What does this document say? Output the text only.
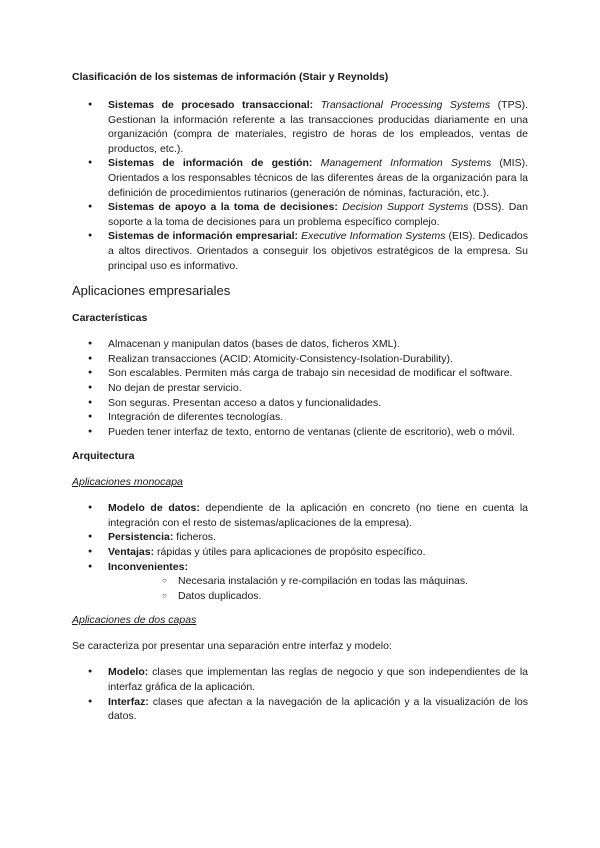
Clasificación de los sistemas de información (Stair y Reynolds)
● Sistemas de procesado transaccional: Transactional Processing Systems (TPS). Gestionan la información referente a las transacciones producidas diariamente en una organización (compra de materiales, registro de horas de los empleados, ventas de productos, etc.).
● Sistemas de información de gestión: Management Information Systems (MIS). Orientados a los responsables técnicos de las diferentes áreas de la organización para la definición de procedimientos rutinarios (generación de nóminas, facturación, etc.).
● Sistemas de apoyo a la toma de decisiones: Decision Support Systems (DSS). Dan soporte a la toma de decisiones para un problema específico complejo.
● Sistemas de información empresarial: Executive Information Systems (EIS). Dedicados a altos directivos. Orientados a conseguir los objetivos estratégicos de la empresa. Su principal uso es informativo.
Aplicaciones empresariales
Características
● Almacenan y manipulan datos (bases de datos, ficheros XML).
● Realizan transacciones (ACID: Atomicity-Consistency-Isolation-Durability).
● Son escalables. Permiten más carga de trabajo sin necesidad de modificar el software.
● No dejan de prestar servicio.
● Son seguras. Presentan acceso a datos y funcionalidades.
● Integración de diferentes tecnologías.
● Pueden tener interfaz de texto, entorno de ventanas (cliente de escritorio), web o móvil.
Arquitectura
Aplicaciones monocapa
● Modelo de datos: dependiente de la aplicación en concreto (no tiene en cuenta la integración con el resto de sistemas/aplicaciones de la empresa).
● Persistencia: ficheros.
● Ventajas: rápidas y útiles para aplicaciones de propósito específico.
● Inconvenientes:
○ Necesaria instalación y re-compilación en todas las máquinas.
○ Datos duplicados.
Aplicaciones de dos capas

Se caracteriza por presentar una separación entre interfaz y modelo:

● Modelo: clases que implementan las reglas de negocio y que son independientes de la interfaz gráfica de la aplicación.
● Interfaz: clases que afectan a la navegación de la aplicación y a la visualización de los datos.
